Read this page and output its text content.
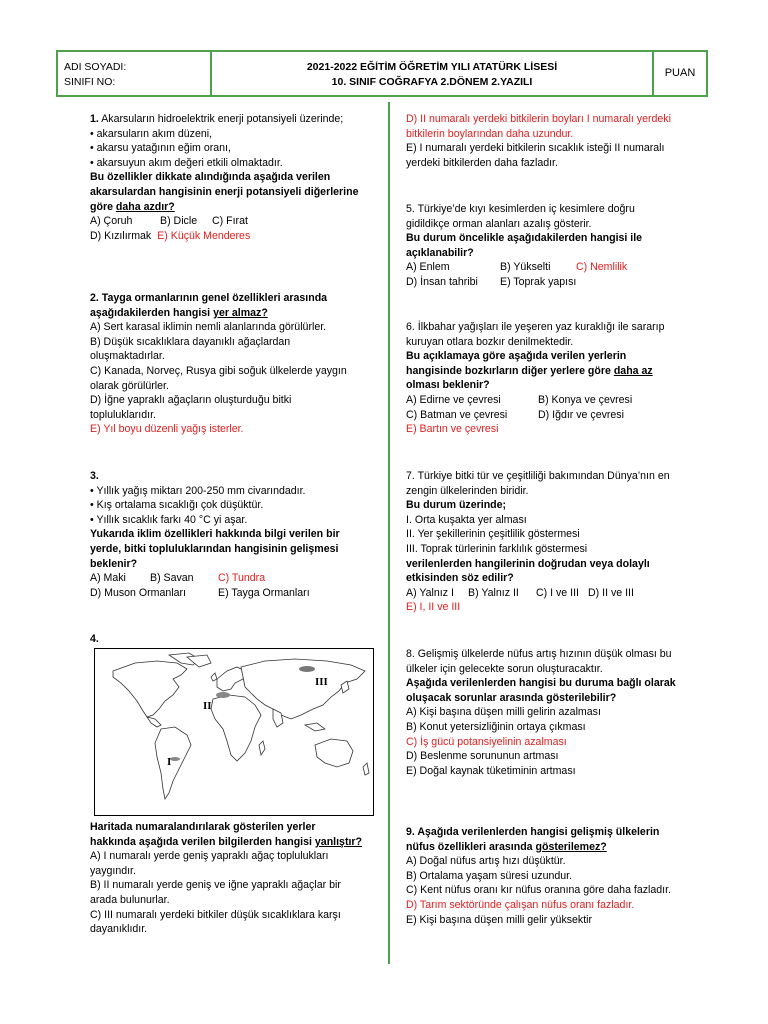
ADI SOYADI:
SINIFI NO:
2021-2022 EĞİTİM ÖĞRETİM YILI ATATÜRK LİSESİ
10. SINIF COĞRAFYA 2.DÖNEM 2.YAZILI
PUAN

1. Akarsuların hidroelektrik enerji potansiyeli üzerinde;

• akarsuların akım düzeni,

• akarsu yatağının eğim oranı,

• akarsuyun akım değeri etkili olmaktadır.

Bu özellikler dikkate alındığında aşağıda verilen akarsulardan hangisinin enerji potansiyeli diğerlerine göre daha azdır?

A) Çoruh	B) Dicle C) Fırat

D) Kızılırmak E) Küçük Menderes

2. Tayga ormanlarının genel özellikleri arasında aşağıdakilerden hangisi yer almaz?

A) Sert karasal iklimin nemli alanlarında görülürler.

B) Düşük sıcaklıklara dayanıklı ağaçlardan oluşmaktadırlar.

C) Kanada, Norveç, Rusya gibi soğuk ülkelerde yaygın olarak görülürler.

D) İğne yapraklı ağaçların oluşturduğu bitki topluluklarıdır.

E) Yıl boyu düzenli yağış isterler.

3.

• Yıllık yağış miktarı 200-250 mm civarındadır.

• Kış ortalama sıcaklığı çok düşüktür.

• Yıllık sıcaklık farkı 40 °C yi aşar.

Yukarıda iklim özellikleri hakkında bilgi verilen bir yerde, bitki topluluklarından hangisinin gelişmesi beklenir?

A) Maki B) Savan C) Tundra

D) Muson Ormanları	E) Tayga Ormanları

4.

III
II
I

Haritada numaralandırılarak gösterilen yerler hakkında aşağıda verilen bilgilerden hangisi yanlıştır?

A) I numaralı yerde geniş yapraklı ağaç toplulukları yaygındır.

B) II numaralı yerde geniş ve iğne yapraklı ağaçlar bir arada bulunurlar.

C) III numaralı yerdeki bitkiler düşük sıcaklıklara karşı dayanıklıdır.

D) II numaralı yerdeki bitkilerin boyları I numaralı yerdeki bitkilerin boylarından daha uzundur.

E) I numaralı yerdeki bitkilerin sıcaklık isteği II numaralı yerdeki bitkilerden daha fazladır.

5. Türkiye’de kıyı kesimlerden iç kesimlere doğru gidildikçe orman alanları azalış gösterir.

Bu durum öncelikle aşağıdakilerden hangisi ile açıklanabilir?

A) Enlem	B) Yükselti C) Nemlilik

D) İnsan tahribi E) Toprak yapısı

6. İlkbahar yağışları ile yeşeren yaz kuraklığı ile sararıp kuruyan otlara bozkır denilmektedir.

Bu açıklamaya göre aşağıda verilen yerlerin hangisinde bozkırların diğer yerlere göre daha az olması beklenir?

A) Edirne ve çevresi	B) Konya ve çevresi

C) Batman ve çevresi	D) Iğdır ve çevresi

E) Bartın ve çevresi

7. Türkiye bitki tür ve çeşitliliği bakımından Dünya’nın en zengin ülkelerinden biridir.

Bu durum üzerinde;

I. Orta kuşakta yer alması

II. Yer şekillerinin çeşitlilik göstermesi

III. Toprak türlerinin farklılık göstermesi

verilenlerden hangilerinin doğrudan veya dolaylı etkisinden söz edilir?

A) Yalnız I B) Yalnız II C) I ve III D) II ve III

E) I, II ve III

8. Gelişmiş ülkelerde nüfus artış hızının düşük olması bu ülkeler için gelecekte sorun oluşturacaktır.

Aşağıda verilenlerden hangisi bu duruma bağlı olarak oluşacak sorunlar arasında gösterilebilir?

A) Kişi başına düşen milli gelirin azalması

B) Konut yetersizliğinin ortaya çıkması

C) İş gücü potansiyelinin azalması

D) Beslenme sorununun artması

E) Doğal kaynak tüketiminin artması

9. Aşağıda verilenlerden hangisi gelişmiş ülkelerin nüfus özellikleri arasında gösterilemez?

A) Doğal nüfus artış hızı düşüktür.

B) Ortalama yaşam süresi uzundur.

C) Kent nüfus oranı kır nüfus oranına göre daha fazladır.

D) Tarım sektöründe çalışan nüfus oranı fazladır.

E) Kişi başına düşen milli gelir yüksektir
